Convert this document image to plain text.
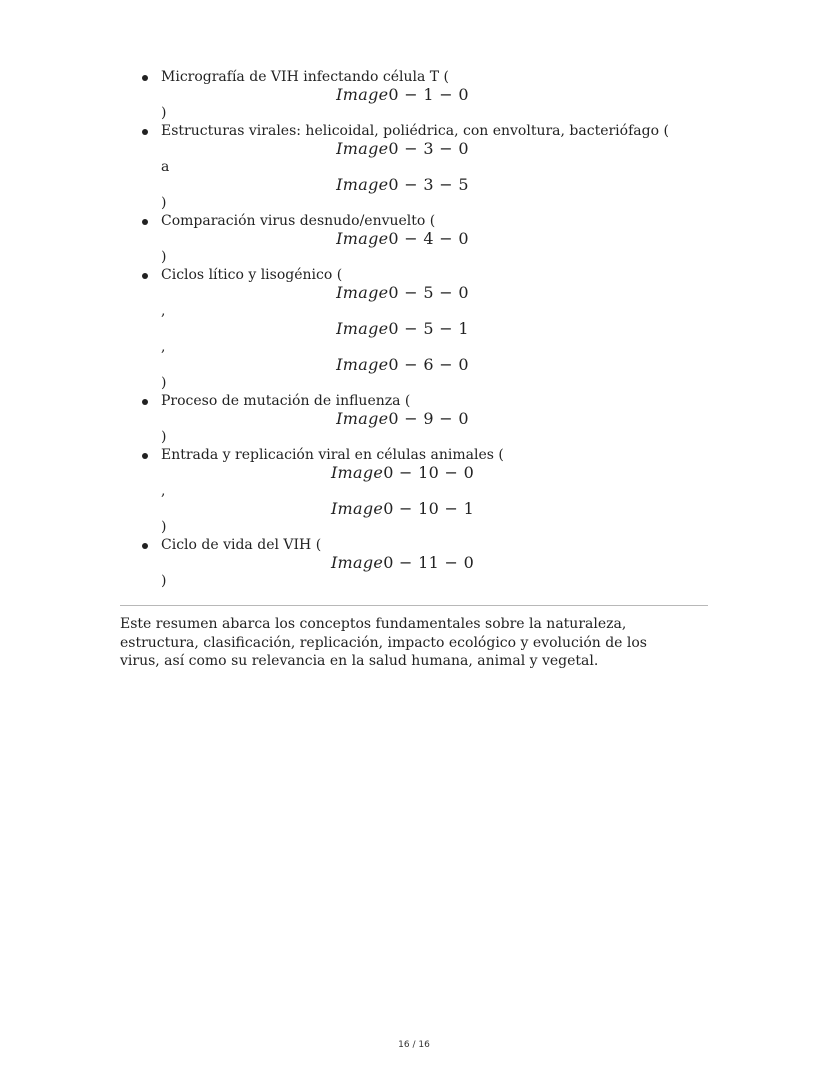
Micrografía de VIH infectando célula T (
Image0 − 1 − 0
)
Estructuras virales: helicoidal, poliédrica, con envoltura, bacteriófago (
Image0 − 3 − 0
a
Image0 − 3 − 5
)
Comparación virus desnudo/envuelto (
Image0 − 4 − 0
)
Ciclos lítico y lisogénico (
Image0 − 5 − 0
,
Image0 − 5 − 1
,
Image0 − 6 − 0
)
Proceso de mutación de influenza (
Image0 − 9 − 0
)
Entrada y replicación viral en células animales (
Image0 − 10 − 0
,
Image0 − 10 − 1
)
Ciclo de vida del VIH (
Image0 − 11 − 0
)

Este resumen abarca los conceptos fundamentales sobre la naturaleza, estructura, clasificación, replicación, impacto ecológico y evolución de los virus, así como su relevancia en la salud humana, animal y vegetal.

16 / 16
